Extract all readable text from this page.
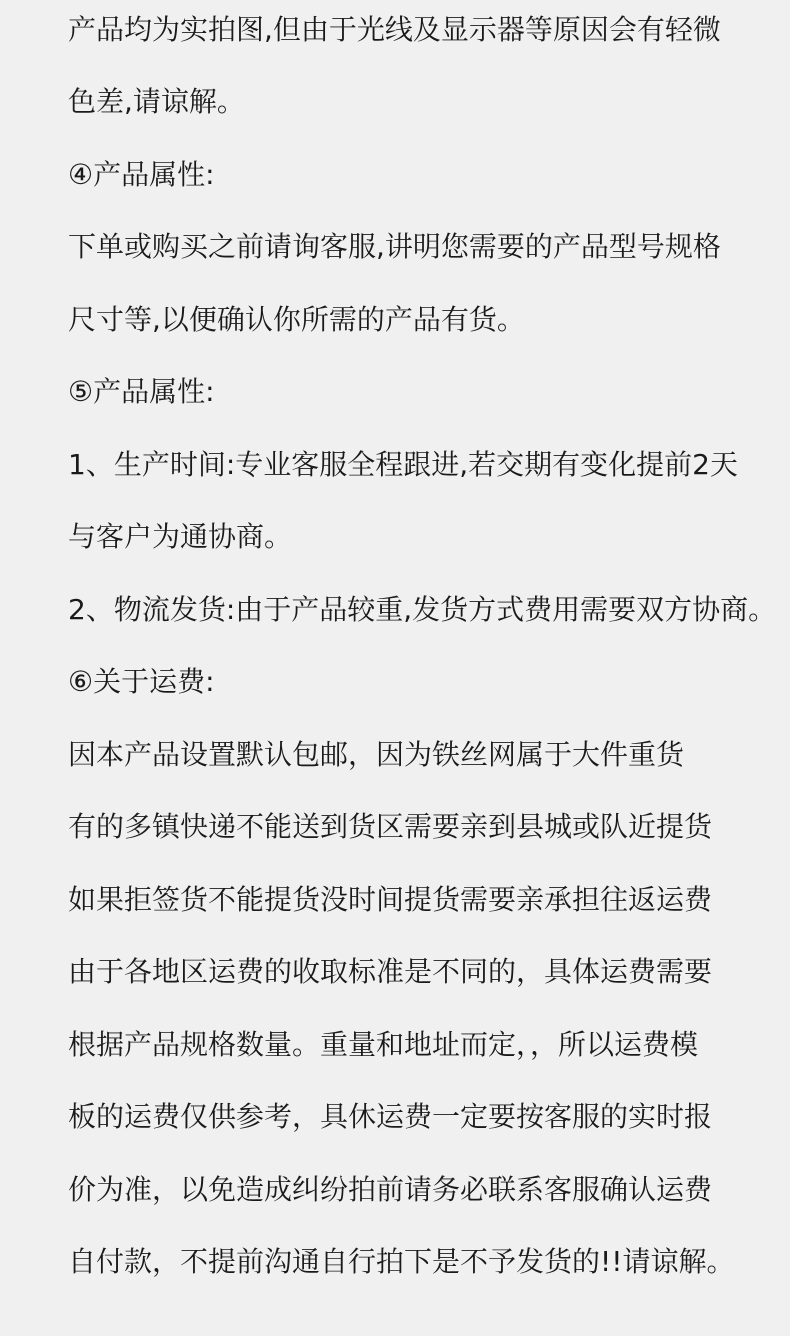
产品均为实拍图,但由于光线及显示器等原因会有轻微

色差,请谅解。

④产品属性:

下单或购买之前请询客服,讲明您需要的产品型号规格

尺寸等,以便确认你所需的产品有货。

⑤产品属性:

1、生产时间:专业客服全程跟进,若交期有变化提前2天

与客户为通协商。

2、物流发货:由于产品较重,发货方式费用需要双方协商。

⑥关于运费:

因本产品设置默认包邮，因为铁丝网属于大件重货

有的多镇快递不能送到货区需要亲到县城或队近提货

如果拒签货不能提货没时间提货需要亲承担往返运费

由于各地区运费的收取标准是不同的，具体运费需要

根据产品规格数量。重量和地址而定，，所以运费模

板的运费仅供参考，具休运费一定要按客服的实时报

价为准，以免造成纠纷拍前请务必联系客服确认运费

自付款，不提前沟通自行拍下是不予发货的!!请谅解。
